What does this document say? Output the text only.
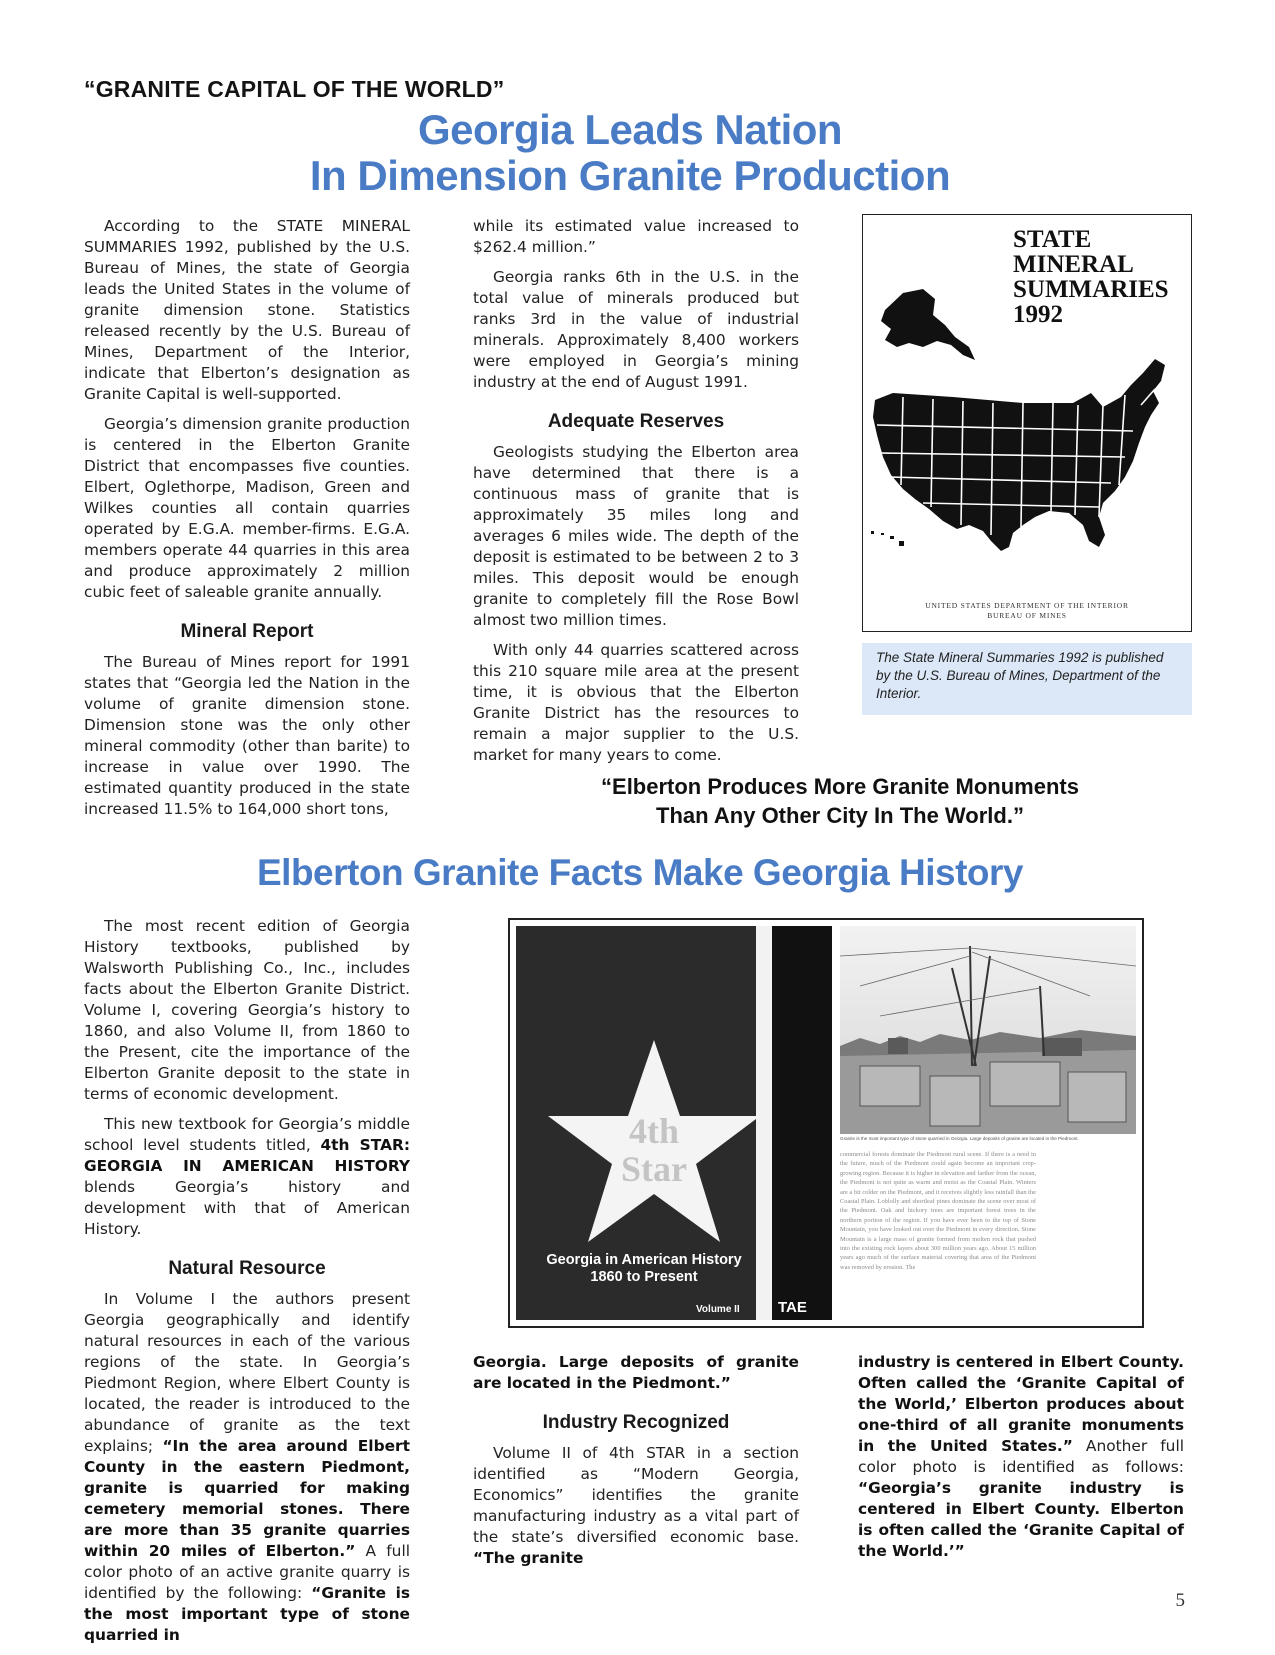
“GRANITE CAPITAL OF THE WORLD”
Georgia Leads Nation
In Dimension Granite Production

According to the STATE MINERAL SUMMARIES 1992, published by the U.S. Bureau of Mines, the state of Georgia leads the United States in the volume of granite dimension stone. Statistics released recently by the U.S. Bureau of Mines, Department of the Interior, indicate that Elberton’s designation as Granite Capital is well-supported.

Georgia’s dimension granite production is centered in the Elberton Granite District that encompasses five counties. Elbert, Oglethorpe, Madison, Green and Wilkes counties all contain quarries operated by E.G.A. member-firms. E.G.A. members operate 44 quarries in this area and produce approximately 2 million cubic feet of saleable granite annually.

Mineral Report

The Bureau of Mines report for 1991 states that “Georgia led the Nation in the volume of granite dimension stone. Dimension stone was the only other mineral commodity (other than barite) to increase in value over 1990. The estimated quantity produced in the state increased 11.5% to 164,000 short tons,

while its estimated value increased to $262.4 million.”

Georgia ranks 6th in the U.S. in the total value of minerals produced but ranks 3rd in the value of industrial minerals. Approximately 8,400 workers were employed in Georgia’s mining industry at the end of August 1991.

Adequate Reserves

Geologists studying the Elberton area have determined that there is a continuous mass of granite that is approximately 35 miles long and averages 6 miles wide. The depth of the deposit is estimated to be between 2 to 3 miles. This deposit would be enough granite to completely fill the Rose Bowl almost two million times.

With only 44 quarries scattered across this 210 square mile area at the present time, it is obvious that the Elberton Granite District has the resources to remain a major supplier to the U.S. market for many years to come.

STATE
MINERAL
SUMMARIES
1992
UNITED STATES DEPARTMENT OF THE INTERIOR
BUREAU OF MINES
The State Mineral Summaries 1992 is published by the U.S. Bureau of Mines, Department of the Interior.
“Elberton Produces More Granite Monuments
Than Any Other City In The World.”
Elberton Granite Facts Make Georgia History

The most recent edition of Georgia History textbooks, published by Walsworth Publishing Co., Inc., includes facts about the Elberton Granite District. Volume I, covering Georgia’s history to 1860, and also Volume II, from 1860 to the Present, cite the importance of the Elberton Granite deposit to the state in terms of economic development.

This new textbook for Georgia’s middle school level students titled, 4th STAR: GEORGIA IN AMERICAN HISTORY blends Georgia’s history and development with that of American History.

Natural Resource

In Volume I the authors present Georgia geographically and identify natural resources in each of the various regions of the state. In Georgia’s Piedmont Region, where Elbert County is located, the reader is introduced to the abundance of granite as the text explains; “In the area around Elbert County in the eastern Piedmont, granite is quarried for making cemetery memorial stones. There are more than 35 granite quarries within 20 miles of Elberton.” A full color photo of an active granite quarry is identified by the following: “Granite is the most important type of stone quarried in

4th
Star
Georgia in American History
1860 to Present
Volume II	TAE
Granite is the most important type of stone quarried in Georgia. Large deposits of granite are located in the Piedmont.
commercial forests dominate the Piedmont rural scene. If there is a need in the future, much of the Piedmont could again become an important crop-growing region. Because it is higher in elevation and farther from the ocean, the Piedmont is not quite as warm and moist as the Coastal Plain. Winters are a bit colder on the Piedmont, and it receives slightly less rainfall than the Coastal Plain. Loblolly and shortleaf pines dominate the scene over most of the Piedmont. Oak and hickory trees are important forest trees in the northern portion of the region. If you have ever been to the top of Stone Mountain, you have looked out over the Piedmont in every direction. Stone Mountain is a large mass of granite formed from molten rock that pushed into the existing rock layers about 300 million years ago. About 15 million years ago much of the surface material covering that area of the Piedmont was removed by erosion. The

Georgia. Large deposits of granite are located in the Piedmont.”

Industry Recognized

Volume II of 4th STAR in a section identified as “Modern Georgia, Economics” identifies the granite manufacturing industry as a vital part of the state’s diversified economic base. “The granite

industry is centered in Elbert County. Often called the ‘Granite Capital of the World,’ Elberton produces about one-third of all granite monuments in the United States.” Another full color photo is identified as follows: “Georgia’s granite industry is centered in Elbert County. Elberton is often called the ‘Granite Capital of the World.’”

5
